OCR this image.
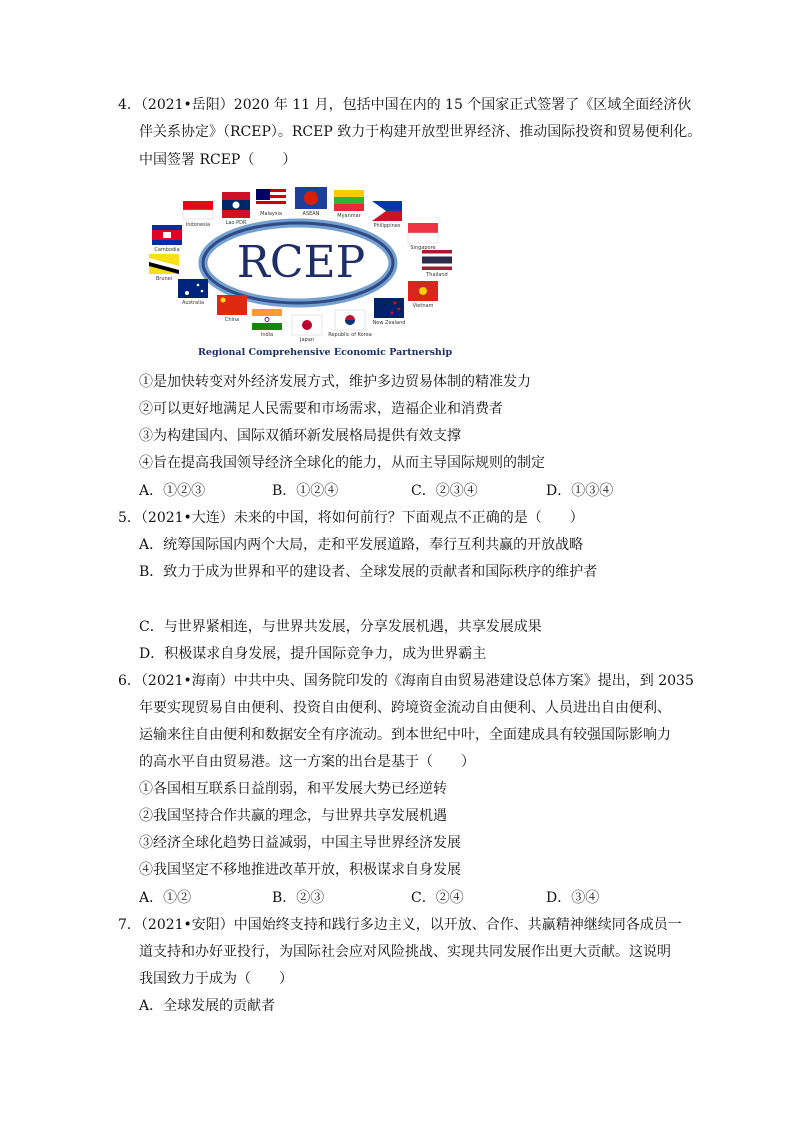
4．（2021•岳阳）2020 年 11 月，包括中国在内的 15 个国家正式签署了《区域全面经济伙
伴关系协定》（RCEP）。RCEP 致力于构建开放型世界经济、推动国际投资和贸易便利化。
中国签署 RCEP（　　）
Indonesia	Lao PDR
Malaysia	ASEAN	Myanmar
Philippines
Singapore
Thailand
Vietnam
New Zealand
Republic of Korea
Japan
India
China
Australia
Brunei
Cambodia RCEP
Regional Comprehensive Economic Partnership
①是加快转变对外经济发展方式，维护多边贸易体制的精准发力
②可以更好地满足人民需要和市场需求，造福企业和消费者
③为构建国内、国际双循环新发展格局提供有效支撑
④旨在提高我国领导经济全球化的能力，从而主导国际规则的制定
A．①②③	B．①②④	C．②③④	D．①③④
5．（2021•大连）未来的中国，将如何前行？下面观点不正确的是（　　）
A．统筹国际国内两个大局，走和平发展道路，奉行互利共赢的开放战略
B．致力于成为世界和平的建设者、全球发展的贡献者和国际秩序的维护者
C．与世界紧相连，与世界共发展，分享发展机遇，共享发展成果
D．积极谋求自身发展，提升国际竞争力，成为世界霸主
6．（2021•海南）中共中央、国务院印发的《海南自由贸易港建设总体方案》提出，到 2035
年要实现贸易自由便利、投资自由便利、跨境资金流动自由便利、人员进出自由便利、
运输来往自由便利和数据安全有序流动。到本世纪中叶，全面建成具有较强国际影响力
的高水平自由贸易港。这一方案的出台是基于（　　）
①各国相互联系日益削弱，和平发展大势已经逆转
②我国坚持合作共赢的理念，与世界共享发展机遇
③经济全球化趋势日益减弱，中国主导世界经济发展
④我国坚定不移地推进改革开放，积极谋求自身发展
A．①②	B．②③	C．②④	D．③④
7．（2021•安阳）中国始终支持和践行多边主义，以开放、合作、共赢精神继续同各成员一
道支持和办好亚投行，为国际社会应对风险挑战、实现共同发展作出更大贡献。这说明
我国致力于成为（　　）
A．全球发展的贡献者
